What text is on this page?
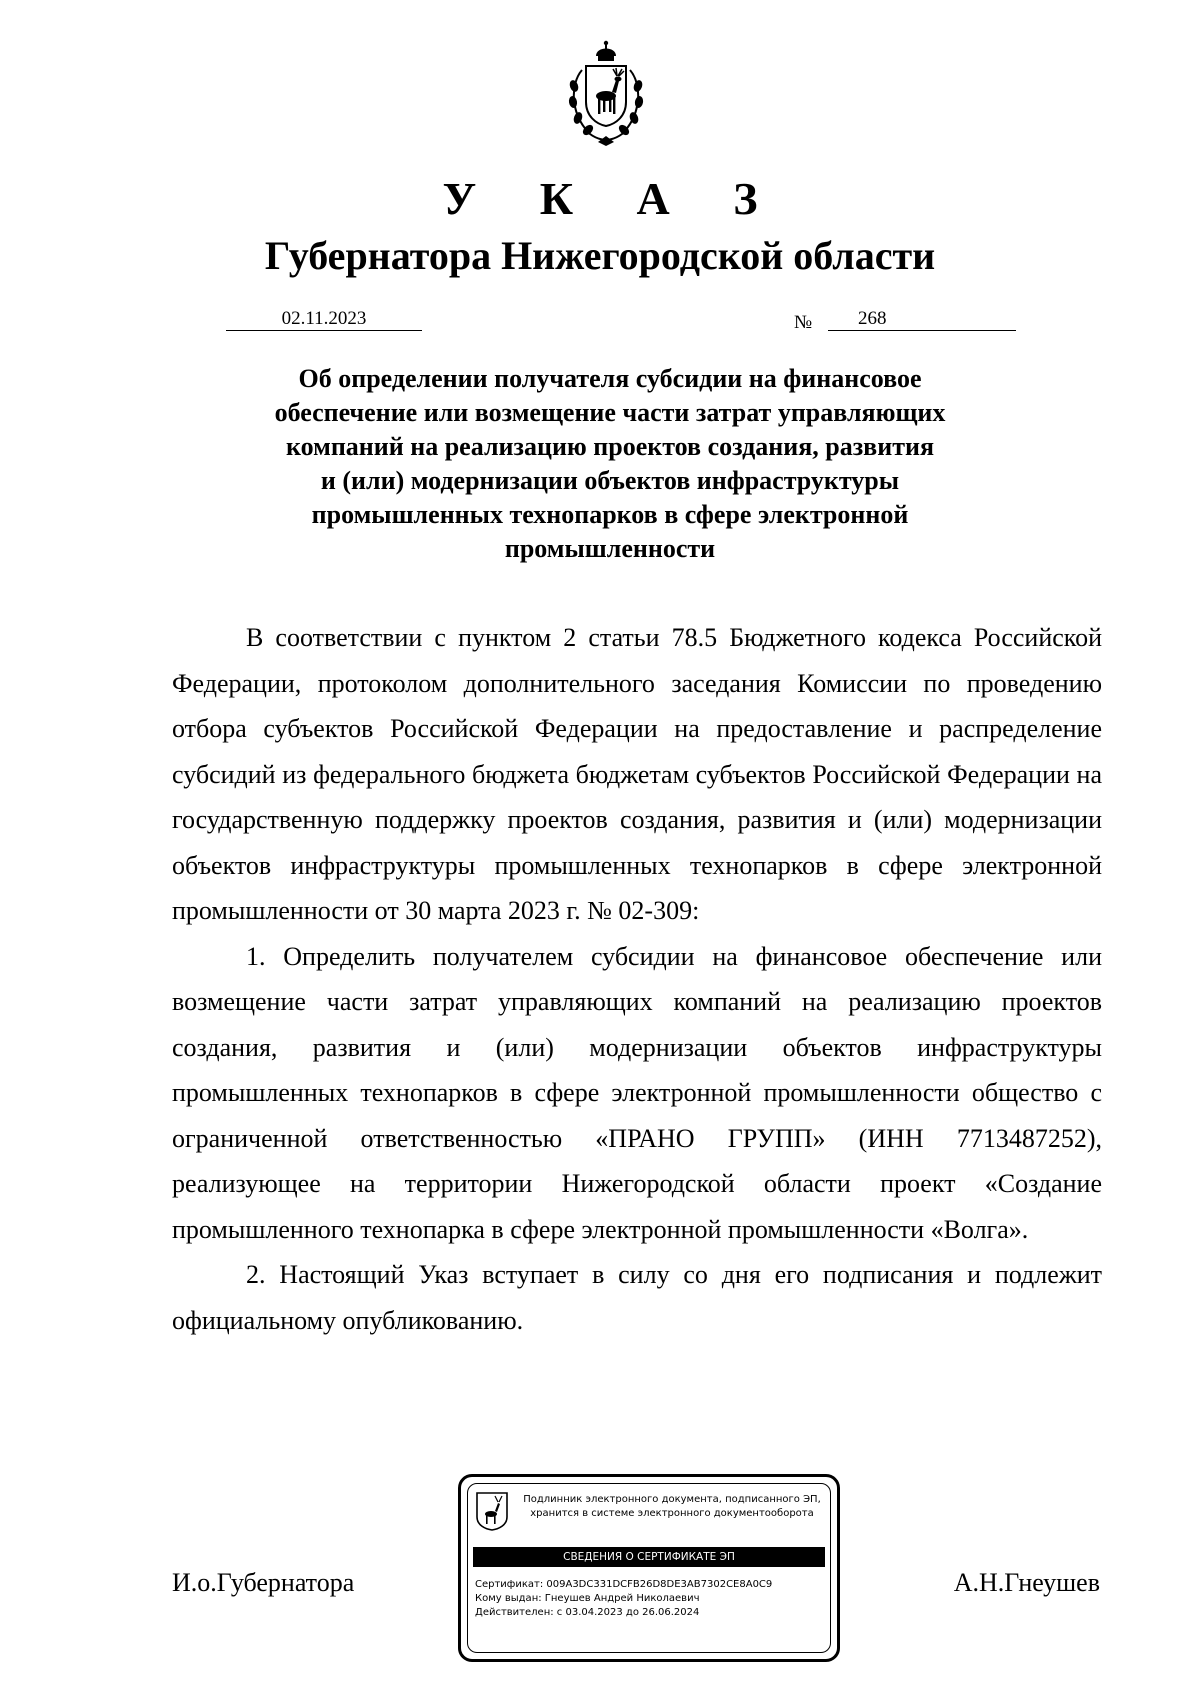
У К А З
Губернатора Нижегородской области
02.11.2023	№	268
Об определении получателя субсидии на финансовое
обеспечение или возмещение части затрат управляющих
компаний на реализацию проектов создания, развития
и (или) модернизации объектов инфраструктуры
промышленных технопарков в сфере электронной
промышленности

В соответствии с пунктом 2 статьи 78.5 Бюджетного кодекса Российской Федерации, протоколом дополнительного заседания Комиссии по проведению отбора субъектов Российской Федерации на предоставление и распределение субсидий из федерального бюджета бюджетам субъектов Российской Федерации на государственную поддержку проектов создания, развития и (или) модернизации объектов инфраструктуры промышленных технопарков в сфере электронной промышленности от 30 марта 2023 г. № 02-309:

1. Определить получателем субсидии на финансовое обеспечение или возмещение части затрат управляющих компаний на реализацию проектов создания, развития и (или) модернизации объектов инфраструктуры промышленных технопарков в сфере электронной промышленности общество с ограниченной ответственностью «ПРАНО ГРУПП» (ИНН 7713487252), реализующее на территории Нижегородской области проект «Создание промышленного технопарка в сфере электронной промышленности «Волга».

2. Настоящий Указ вступает в силу со дня его подписания и подлежит официальному опубликованию.

И.о.Губернатора	А.Н.Гнеушев
Подлинник электронного документа, подписанного ЭП,
хранится в системе электронного документооборота
СВЕДЕНИЯ О СЕРТИФИКАТЕ ЭП
Сертификат: 009A3DC331DCFB26D8DE3AB7302CE8A0C9
Кому выдан: Гнеушев Андрей Николаевич
Действителен: с 03.04.2023 до 26.06.2024
